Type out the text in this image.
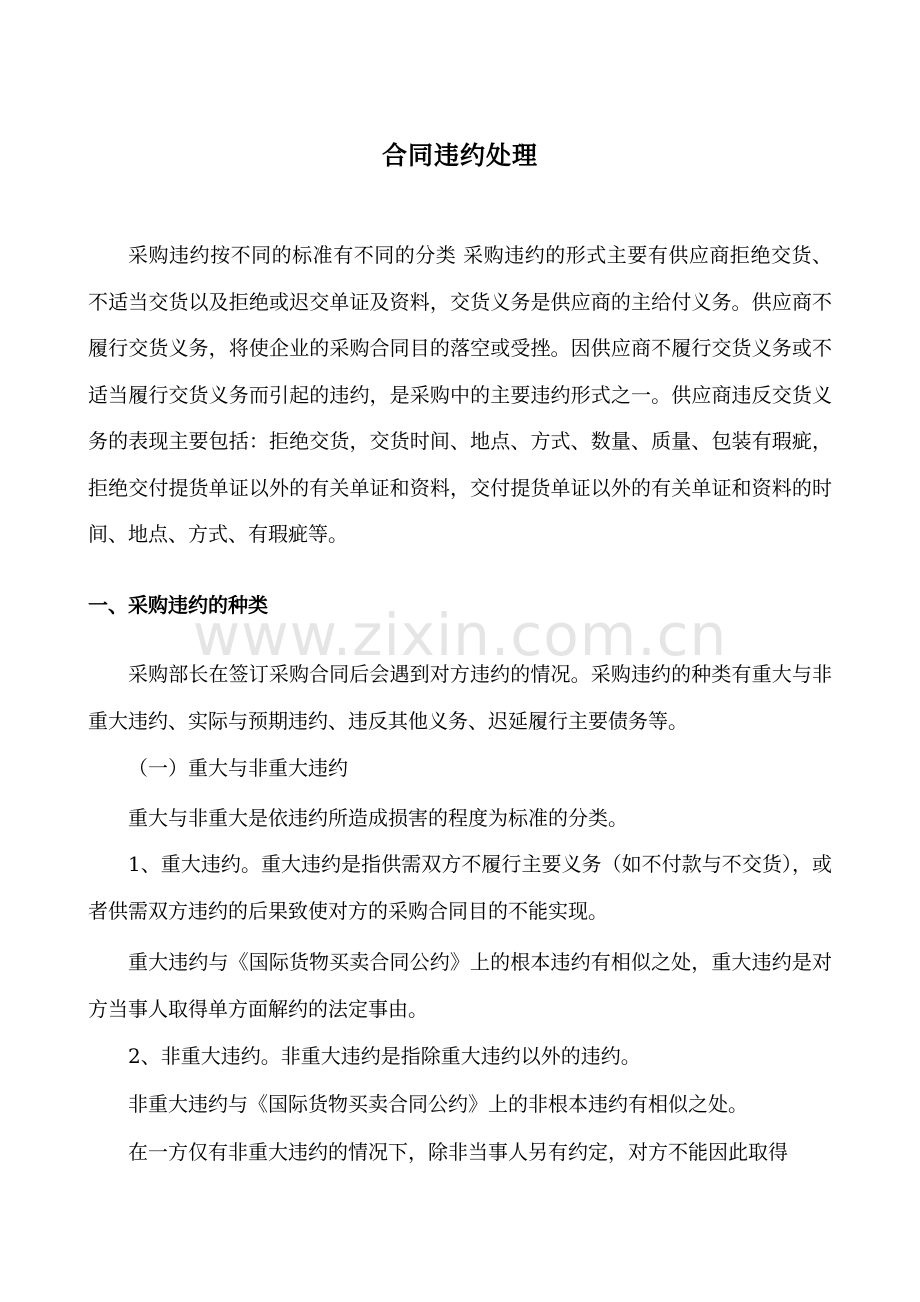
合同违约处理
采购违约按不同的标准有不同的分类 采购违约的形式主要有供应商拒绝交货、不适当交货以及拒绝或迟交单证及资料，交货义务是供应商的主给付义务。供应商不履行交货义务，将使企业的采购合同目的落空或受挫。因供应商不履行交货义务或不适当履行交货义务而引起的违约，是采购中的主要违约形式之一。供应商违反交货义务的表现主要包括：拒绝交货，交货时间、地点、方式、数量、质量、包装有瑕疵，拒绝交付提货单证以外的有关单证和资料，交付提货单证以外的有关单证和资料的时间、地点、方式、有瑕疵等。
一、采购违约的种类
采购部长在签订采购合同后会遇到对方违约的情况。采购违约的种类有重大与非重大违约、实际与预期违约、违反其他义务、迟延履行主要债务等。
（一）重大与非重大违约
重大与非重大是依违约所造成损害的程度为标准的分类。
1、重大违约。重大违约是指供需双方不履行主要义务（如不付款与不交货），或者供需双方违约的后果致使对方的采购合同目的不能实现。
重大违约与《国际货物买卖合同公约》上的根本违约有相似之处，重大违约是对方当事人取得单方面解约的法定事由。
2、非重大违约。非重大违约是指除重大违约以外的违约。
非重大违约与《国际货物买卖合同公约》上的非根本违约有相似之处。
在一方仅有非重大违约的情况下，除非当事人另有约定，对方不能因此取得
www.zixin.com.cn
